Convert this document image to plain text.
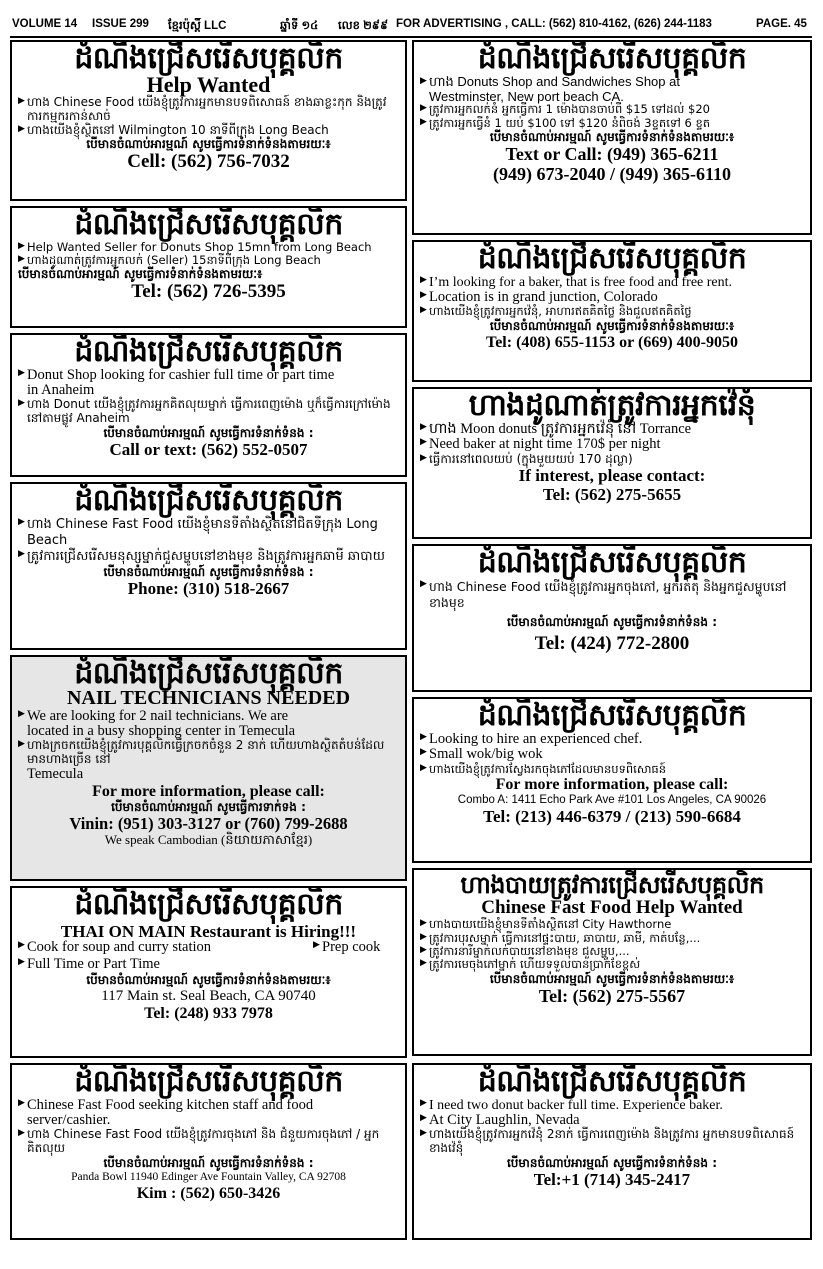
VOLUME 14 ISSUE 299 ខ្មែរប៉ុស្តិ៍ LLC	ឆ្នាំទី ១៤ លេខ ២៩៩ FOR ADVERTISING , CALL: (562) 810-4162, (626) 244-1183	PAGE. 45
ដំណឹងជ្រើសរើសបុគ្គលិក
Help Wanted
▶ ហាង Chinese Food យើងខ្ញុំត្រូវការអ្នកមានបទពិសោធន៍ ខាងឆាខ្លះកុក និងត្រូវការកម្មករកាន់សាច់
▶ ហាងយើងខ្ញុំស្ថិតនៅ Wilmington 10 នាទីពីក្រុង Long Beach
បើមានចំណាប់អារម្មណ៍ សូមធ្វើការទំនាក់ទំនងតាមរយៈ៖
Cell: (562) 756-7032
ដំណឹងជ្រើសរើសបុគ្គលិក
▶ Help Wanted Seller for Donuts Shop 15mn from Long Beach
▶ ហាងដូណាត់ត្រូវការអ្នកលក់ (Seller) 15នាទីពីក្រុង Long Beach
បើមានចំណាប់អារម្មណ៍ សូមធ្វើការទំនាក់ទំនងតាមរយៈ៖
Tel: (562) 726-5395
ដំណឹងជ្រើសរើសបុគ្គលិក
▶ Donut Shop looking for cashier full time or part time
in Anaheim
▶ ហាង Donut យើងខ្ញុំត្រូវការអ្នកគិតលុយម្នាក់ ធ្វើការពេញម៉ោង ឬក៏ធ្វើការក្រៅម៉ោង នៅតាមផ្លូវ Anaheim
បើមានចំណាប់អារម្មណ៍ សូមធ្វើការទំនាក់ទំនង :
Call or text: (562) 552-0507
ដំណឹងជ្រើសរើសបុគ្គលិក
▶ ហាង Chinese Fast Food យើងខ្ញុំមានទីតាំងស្ថិតនៅជិតទីក្រុង Long Beach
▶ ត្រូវការជ្រើសរើសមនុស្សម្នាក់ជួសម្ហូបនៅខាងមុខ និងត្រូវការអ្នកឆាមី ឆាបាយ
បើមានចំណាប់អារម្មណ៍ សូមធ្វើការទំនាក់ទំនង :
Phone: (310) 518-2667
ដំណឹងជ្រើសរើសបុគ្គលិក
NAIL TECHNICIANS NEEDED
▶ We are looking for 2 nail technicians. We are
located in a busy shopping center in Temecula
▶ ហាងក្រចកយើងខ្ញុំត្រូវការបុគ្គលិកធ្វើក្រចកចំនួន 2 នាក់ ហើយហាងស្ថិតតំបន់ដែលមានហាងច្រើន នៅ
Temecula
For more information, please call:
បើមានចំណាប់អារម្មណ៍ សូមធ្វើការទាក់ទង :
Vinin: (951) 303-3127 or (760) 799-2688
We speak Cambodian (និយាយភាសាខ្មែរ)
ដំណឹងជ្រើសរើសបុគ្គលិក
THAI ON MAIN Restaurant is Hiring!!!
▶ Cook for soup and curry station	▶ Prep cook
▶ Full Time or Part Time
បើមានចំណាប់អារម្មណ៍ សូមធ្វើការទំនាក់ទំនងតាមរយៈ៖
117 Main st. Seal Beach, CA 90740
Tel: (248) 933 7978
ដំណឹងជ្រើសរើសបុគ្គលិក
▶ Chinese Fast Food seeking kitchen staff and food
server/cashier.
▶ ហាង Chinese Fast Food យើងខ្ញុំត្រូវការចុងភៅ និង ជំនួយការចុងភៅ / អ្នកគិតលុយ
បើមានចំណាប់អារម្មណ៍ សូមធ្វើការទំនាក់ទំនង :
Panda Bowl 11940 Edinger Ave Fountain Valley, CA 92708
Kim : (562) 650-3426
ដំណឹងជ្រើសរើសបុគ្គលិក
▶ ហាង Donuts Shop and Sandwiches Shop at
Westminster, New port beach CA.
▶ ត្រូវការអ្នកលក់នំ អ្នកធ្វើការ 1 ម៉ោងបានចាប់ពី $15 ទៅដល់ $20
▶ ត្រូវការអ្នកធ្វើនំ 1 យប់ $100 ទៅ $120 នំពិចង់ 3ខ្ទតទៅ 6 ខ្ទត
បើមានចំណាប់អារម្មណ៍ សូមធ្វើការទំនាក់ទំនងតាមរយៈ៖
Text or Call: (949) 365-6211
(949) 673-2040 / (949) 365-6110
ដំណឹងជ្រើសរើសបុគ្គលិក
▶ I’m looking for a baker, that is free food and free rent.
▶ Location is in grand junction, Colorado
▶ ហាងយើងខ្ញុំត្រូវការអ្នកវ៉េន៉ំ, អាហារឥតគិតថ្លៃ និងជួលឥតគិតថ្លៃ
បើមានចំណាប់អារម្មណ៍ សូមធ្វើការទំនាក់ទំនងតាមរយៈ៖
Tel: (408) 655-1153 or (669) 400-9050
ហាងដូណាត់ត្រូវការអ្នកវ៉េន៉ំ
▶ ហាង Moon donuts ត្រូវការអ្នកវ៉េន៉ំ នៅ Torrance
▶ Need baker at night time 170$ per night
▶ ធ្វើការនៅពេលយប់ (ក្នុងមួយយប់ 170 ដុល្លា)
If interest, please contact:
Tel: (562) 275-5655
ដំណឹងជ្រើសរើសបុគ្គលិក
▶ ហាង Chinese Food យើងខ្ញុំត្រូវការអ្នកចុងភៅ, អ្នករត់តុ និងអ្នកជួសម្ហូបនៅខាងមុខ
បើមានចំណាប់អារម្មណ៍ សូមធ្វើការទំនាក់ទំនង :
Tel: (424) 772-2800
ដំណឹងជ្រើសរើសបុគ្គលិក
▶ Looking to hire an experienced chef.
▶ Small wok/big wok
▶ ហាងយើងខ្ញុំត្រូវការស្វែងរកចុងភៅដែលមានបទពិសោធន៍
For more information, please call:
Combo A: 1411 Echo Park Ave #101 Los Angeles, CA 90026
Tel: (213) 446-6379 / (213) 590-6684
ហាងបាយត្រូវការជ្រើសរើសបុគ្គលិក
Chinese Fast Food Help Wanted
▶ ហាងបាយយើងខ្ញុំមានទីតាំងស្ថិតនៅ City Hawthorne
▶ ត្រូវការបុរសម្នាក់ ធ្វើការនៅផ្ទះបាយ, ឆាបាយ, ឆាមី, កាត់បន្លែ,...
▶ ត្រូវការនារីម្នាក់លក់បាយនៅខាងមុខ ជួសម្ហូប,...
▶ ត្រូវការមេចុងភៅម្នាក់ ហើយទទួលបានប្រាក់ខែខ្ពស់
បើមានចំណាប់អារម្មណ៍ សូមធ្វើការទំនាក់ទំនងតាមរយៈ៖
Tel: (562) 275-5567
ដំណឹងជ្រើសរើសបុគ្គលិក
▶ I need two donut backer full time. Experience baker.
▶ At City Laughlin, Nevada
▶ ហាងយើងខ្ញុំត្រូវការអ្នកវ៉េន៉ំ 2នាក់ ធ្វើការពេញម៉ោង និងត្រូវការ អ្នកមានបទពិសោធន៍ខាងវ៉េន៉ំ
បើមានចំណាប់អារម្មណ៍ សូមធ្វើការទំនាក់ទំនង :
Tel:+1 (714) 345-2417
